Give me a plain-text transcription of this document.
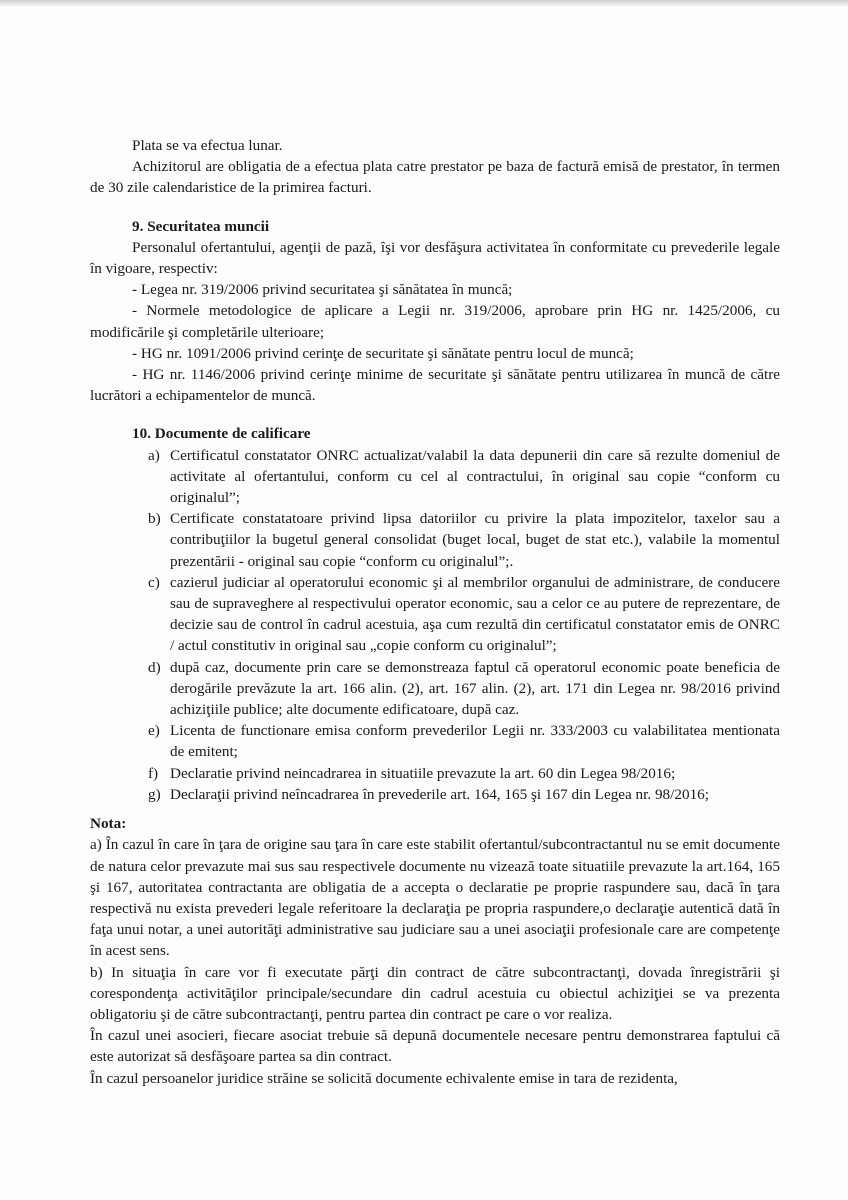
Plata se va efectua lunar.

Achizitorul are obligatia de a efectua plata catre prestator pe baza de factură emisă de prestator, în termen de 30 zile calendaristice de la primirea facturi.

9. Securitatea muncii

Personalul ofertantului, agenţii de pază, îşi vor desfăşura activitatea în conformitate cu prevederile legale în vigoare, respectiv:

- Legea nr. 319/2006 privind securitatea şi sănătatea în muncă;

- Normele metodologice de aplicare a Legii nr. 319/2006, aprobare prin HG nr. 1425/2006, cu modificările şi completările ulterioare;

- HG nr. 1091/2006 privind cerinţe de securitate şi sănătate pentru locul de muncă;

- HG nr. 1146/2006 privind cerinţe minime de securitate şi sănătate pentru utilizarea în muncă de către lucrători a echipamentelor de muncă.

10. Documente de calificare
a) Certificatul constatator ONRC actualizat/valabil la data depunerii din care să rezulte domeniul de activitate al ofertantului, conform cu cel al contractului, în original sau copie “conform cu originalul”;
b) Certificate constatatoare privind lipsa datoriilor cu privire la plata impozitelor, taxelor sau a contribuţiilor la bugetul general consolidat (buget local, buget de stat etc.), valabile la momentul prezentării - original sau copie “conform cu originalul”;.
c) cazierul judiciar al operatorului economic şi al membrilor organului de administrare, de conducere sau de supraveghere al respectivului operator economic, sau a celor ce au putere de reprezentare, de decizie sau de control în cadrul acestuia, aşa cum rezultă din certificatul constatator emis de ONRC / actul constitutiv in original sau „copie conform cu originalul”;
d) după caz, documente prin care se demonstreaza faptul că operatorul economic poate beneficia de derogările prevăzute la art. 166 alin. (2), art. 167 alin. (2), art. 171 din Legea nr. 98/2016 privind achiziţiile publice; alte documente edificatoare, după caz.
e) Licenta de functionare emisa conform prevederilor Legii nr. 333/2003 cu valabilitatea mentionata de emitent;
f) Declaratie privind neincadrarea in situatiile prevazute la art. 60 din Legea 98/2016;
g) Declaraţii privind neîncadrarea în prevederile art. 164, 165 şi 167 din Legea nr. 98/2016;

Nota:

a) În cazul în care în ţara de origine sau ţara în care este stabilit ofertantul/subcontractantul nu se emit documente de natura celor prevazute mai sus sau respectivele documente nu vizează toate situatiile prevazute la art.164, 165 şi 167, autoritatea contractanta are obligatia de a accepta o declaratie pe proprie raspundere sau, dacă în ţara respectivă nu exista prevederi legale referitoare la declaraţia pe propria raspundere,o declaraţie autentică dată în faţa unui notar, a unei autorităţi administrative sau judiciare sau a unei asociaţii profesionale care are competenţe în acest sens.

b) In situaţia în care vor fi executate părţi din contract de către subcontractanţi, dovada înregistrării şi corespondenţa activităţilor principale/secundare din cadrul acestuia cu obiectul achiziţiei se va prezenta obligatoriu şi de către subcontractanţi, pentru partea din contract pe care o vor realiza.

În cazul unei asocieri, fiecare asociat trebuie să depună documentele necesare pentru demonstrarea faptului că este autorizat să desfăşoare partea sa din contract.

În cazul persoanelor juridice străine se solicită documente echivalente emise in tara de rezidenta,
